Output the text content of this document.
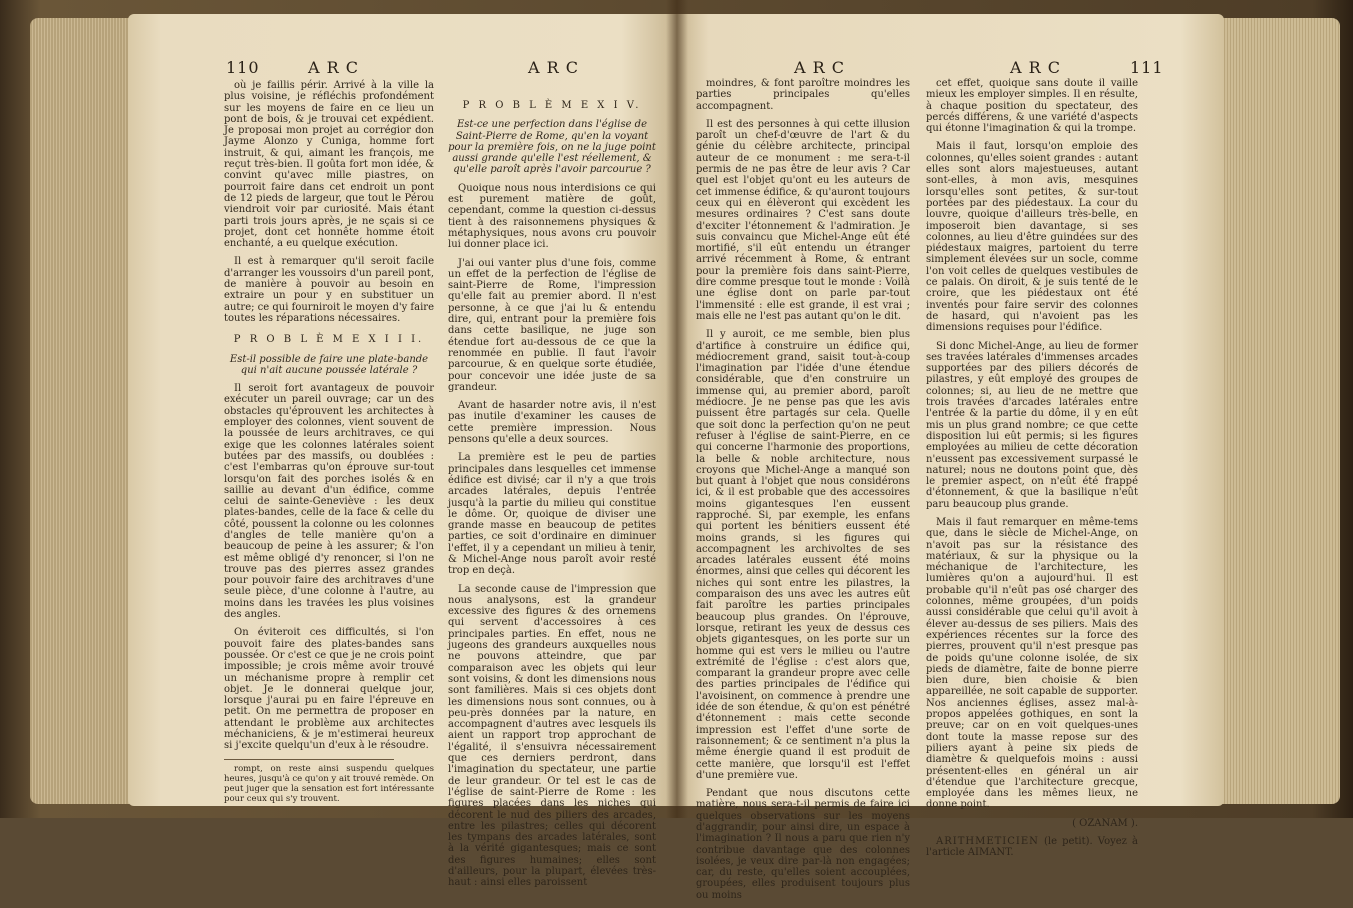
110	A R C	A R C

où je faillis périr. Arrivé à la ville la plus voisine, je réfléchis profondément sur les moyens de faire en ce lieu un pont de bois, & je trouvai cet expédient. Je proposai mon projet au corrégior don Jayme Alonzo y Cuniga, homme fort instruit, & qui, aimant les françois, me reçut très-bien. Il goûta fort mon idée, & convint qu'avec mille piastres, on pourroit faire dans cet endroit un pont de 12 pieds de largeur, que tout le Pérou viendroit voir par curiosité. Mais étant parti trois jours après, je ne sçais si ce projet, dont cet honnête homme étoit enchanté, a eu quelque exécution.

Il est à remarquer qu'il seroit facile d'arranger les voussoirs d'un pareil pont, de manière à pouvoir au besoin en extraire un pour y en substituer un autre; ce qui fourniroit le moyen d'y faire toutes les réparations nécessaires.

P R O B L È M E X I I I.

Est-il possible de faire une plate-bande qui n'ait aucune poussée latérale ?

Il seroit fort avantageux de pouvoir exécuter un pareil ouvrage; car un des obstacles qu'éprouvent les architectes à employer des colonnes, vient souvent de la poussée de leurs architraves, ce qui exige que les colonnes latérales soient butées par des massifs, ou doublées : c'est l'embarras qu'on éprouve sur-tout lorsqu'on fait des porches isolés & en saillie au devant d'un édifice, comme celui de sainte-Geneviève : les deux plates-bandes, celle de la face & celle du côté, poussent la colonne ou les colonnes d'angles de telle manière qu'on a beaucoup de peine à les assurer; & l'on est même obligé d'y renoncer, si l'on ne trouve pas des pierres assez grandes pour pouvoir faire des architraves d'une seule pièce, d'une colonne à l'autre, au moins dans les travées les plus voisines des angles.

On éviteroit ces difficultés, si l'on pouvoit faire des plates-bandes sans poussée. Or c'est ce que je ne crois point impossible; je crois même avoir trouvé un méchanisme propre à remplir cet objet. Je le donnerai quelque jour, lorsque j'aurai pu en faire l'épreuve en petit. On me permettra de proposer en attendant le problème aux architectes méchaniciens, & je m'estimerai heureux si j'excite quelqu'un d'eux à le résoudre.

rompt, on reste ainsi suspendu quelques heures, jusqu'à ce qu'on y ait trouvé remède. On peut juger que la sensation est fort intéressante pour ceux qui s'y trouvent.

P R O B L È M E X I V.

Est-ce une perfection dans l'église de Saint-Pierre de Rome, qu'en la voyant pour la première fois, on ne la juge point aussi grande qu'elle l'est réellement, & qu'elle paroît après l'avoir parcourue ?

Quoique nous nous interdisions ce qui est purement matière de goût, cependant, comme la question ci-dessus tient à des raisonnemens physiques & métaphysiques, nous avons cru pouvoir lui donner place ici.

J'ai oui vanter plus d'une fois, comme un effet de la perfection de l'église de saint-Pierre de Rome, l'impression qu'elle fait au premier abord. Il n'est personne, à ce que j'ai lu & entendu dire, qui, entrant pour la première fois dans cette basilique, ne juge son étendue fort au-dessous de ce que la renommée en publie. Il faut l'avoir parcourue, & en quelque sorte étudiée, pour concevoir une idée juste de sa grandeur.

Avant de hasarder notre avis, il n'est pas inutile d'examiner les causes de cette première impression. Nous pensons qu'elle a deux sources.

La première est le peu de parties principales dans lesquelles cet immense édifice est divisé; car il n'y a que trois arcades latérales, depuis l'entrée jusqu'à la partie du milieu qui constitue le dôme. Or, quoique de diviser une grande masse en beaucoup de petites parties, ce soit d'ordinaire en diminuer l'effet, il y a cependant un milieu à tenir, & Michel-Ange nous paroît avoir resté trop en deçà.

La seconde cause de l'impression que nous analysons, est la grandeur excessive des figures & des ornemens qui servent d'accessoires à ces principales parties. En effet, nous ne jugeons des grandeurs auxquelles nous ne pouvons atteindre, que par comparaison avec les objets qui leur sont voisins, & dont les dimensions nous sont familières. Mais si ces objets dont les dimensions nous sont connues, ou à peu-près données par la nature, en accompagnent d'autres avec lesquels ils aient un rapport trop approchant de l'égalité, il s'ensuivra nécessairement que ces derniers perdront, dans l'imagination du spectateur, une partie de leur grandeur. Or tel est le cas de l'église de saint-Pierre de Rome : les figures placées dans les niches qui décorent le nud des piliers des arcades, entre les pilastres; celles qui décorent les tympans des arcades latérales, sont à la vérité gigantesques; mais ce sont des figures humaines; elles sont d'ailleurs, pour la plupart, élevées très-haut : ainsi elles paroissent

A R C	A R C	111

moindres, & font paroître moindres les parties principales qu'elles accompagnent.

Il est des personnes à qui cette illusion paroît un chef-d'œuvre de l'art & du génie du célèbre architecte, principal auteur de ce monument : me sera-t-il permis de ne pas être de leur avis ? Car quel est l'objet qu'ont eu les auteurs de cet immense édifice, & qu'auront toujours ceux qui en élèveront qui excèdent les mesures ordinaires ? C'est sans doute d'exciter l'étonnement & l'admiration. Je suis convaincu que Michel-Ange eût été mortifié, s'il eût entendu un étranger arrivé récemment à Rome, & entrant pour la première fois dans saint-Pierre, dire comme presque tout le monde : Voilà une église dont on parle par-tout l'immensité : elle est grande, il est vrai ; mais elle ne l'est pas autant qu'on le dit.

Il y auroit, ce me semble, bien plus d'artifice à construire un édifice qui, médiocrement grand, saisit tout-à-coup l'imagination par l'idée d'une étendue considérable, que d'en construire un immense qui, au premier abord, paroît médiocre. Je ne pense pas que les avis puissent être partagés sur cela. Quelle que soit donc la perfection qu'on ne peut refuser à l'église de saint-Pierre, en ce qui concerne l'harmonie des proportions, la belle & noble architecture, nous croyons que Michel-Ange a manqué son but quant à l'objet que nous considérons ici, & il est probable que des accessoires moins gigantesques l'en eussent rapproché. Si, par exemple, les enfans qui portent les bénitiers eussent été moins grands, si les figures qui accompagnent les archivoltes de ses arcades latérales eussent été moins énormes, ainsi que celles qui décorent les niches qui sont entre les pilastres, la comparaison des uns avec les autres eût fait paroître les parties principales beaucoup plus grandes. On l'éprouve, lorsque, retirant les yeux de dessus ces objets gigantesques, on les porte sur un homme qui est vers le milieu ou l'autre extrémité de l'église : c'est alors que, comparant la grandeur propre avec celle des parties principales de l'édifice qui l'avoisinent, on commence à prendre une idée de son étendue, & qu'on est pénétré d'étonnement : mais cette seconde impression est l'effet d'une sorte de raisonnement; & ce sentiment n'a plus la même énergie quand il est produit de cette manière, que lorsqu'il est l'effet d'une première vue.

Pendant que nous discutons cette matière, nous sera-t-il permis de faire ici quelques observations sur les moyens d'aggrandir, pour ainsi dire, un espace à l'imagination ? Il nous a paru que rien n'y contribue davantage que des colonnes isolées, je veux dire par-là non engagées; car, du reste, qu'elles soient accouplées, groupées, elles produisent toujours plus ou moins

cet effet, quoique sans doute il vaille mieux les employer simples. Il en résulte, à chaque position du spectateur, des percés différens, & une variété d'aspects qui étonne l'imagination & qui la trompe.

Mais il faut, lorsqu'on emploie des colonnes, qu'elles soient grandes : autant elles sont alors majestueuses, autant sont-elles, à mon avis, mesquines lorsqu'elles sont petites, & sur-tout portées par des piédestaux. La cour du louvre, quoique d'ailleurs très-belle, en imposeroit bien davantage, si ses colonnes, au lieu d'être guindées sur des piédestaux maigres, partoient du terre simplement élevées sur un socle, comme l'on voit celles de quelques vestibules de ce palais. On diroit, & je suis tenté de le croire, que les piédestaux ont été inventés pour faire servir des colonnes de hasard, qui n'avoient pas les dimensions requises pour l'édifice.

Si donc Michel-Ange, au lieu de former ses travées latérales d'immenses arcades supportées par des piliers décorés de pilastres, y eût employé des groupes de colonnes; si, au lieu de ne mettre que trois travées d'arcades latérales entre l'entrée & la partie du dôme, il y en eût mis un plus grand nombre; ce que cette disposition lui eût permis; si les figures employées au milieu de cette décoration n'eussent pas excessivement surpassé le naturel; nous ne doutons point que, dès le premier aspect, on n'eût été frappé d'étonnement, & que la basilique n'eût paru beaucoup plus grande.

Mais il faut remarquer en même-tems que, dans le siècle de Michel-Ange, on n'avoit pas sur la résistance des matériaux, & sur la physique ou la méchanique de l'architecture, les lumières qu'on a aujourd'hui. Il est probable qu'il n'eût pas osé charger des colonnes, même groupées, d'un poids aussi considérable que celui qu'il avoit à élever au-dessus de ses piliers. Mais des expériences récentes sur la force des pierres, prouvent qu'il n'est presque pas de poids qu'une colonne isolée, de six pieds de diamètre, faite de bonne pierre bien dure, bien choisie & bien appareillée, ne soit capable de supporter. Nos anciennes églises, assez mal-à-propos appelées gothiques, en sont la preuve; car on en voit quelques-unes dont toute la masse repose sur des piliers ayant à peine six pieds de diamètre & quelquefois moins : aussi présentent-elles en général un air d'étendue que l'architecture grecque, employée dans les mêmes lieux, ne donne point.

( OZANAM ).

ARITHMETICIEN (le petit). Voyez à l'article AIMANT.
